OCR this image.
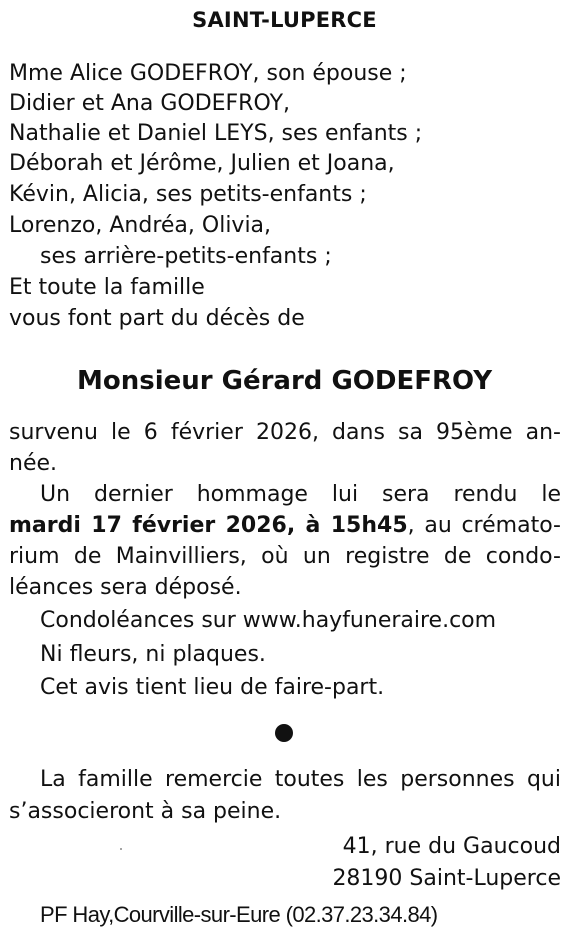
SAINT-LUPERCE
Mme Alice GODEFROY, son épouse ;
Didier et Ana GODEFROY,
Nathalie et Daniel LEYS, ses enfants ;
Déborah et Jérôme, Julien et Joana,
Kévin, Alicia, ses petits-enfants ;
Lorenzo, Andréa, Olivia,
ses arrière-petits-enfants ;
Et toute la famille
vous font part du décès de
Monsieur Gérard GODEFROY
survenu le 6 février 2026, dans sa 95ème an-
née.
Un dernier hommage lui sera rendu le
mardi 17 février 2026, à 15h45, au crémato-
rium de Mainvilliers, où un registre de condo-
léances sera déposé.
Condoléances sur www.hayfuneraire.com
Ni fleurs, ni plaques.
Cet avis tient lieu de faire-part.
La famille remercie toutes les personnes qui
s’associeront à sa peine.
41, rue du Gaucoud
28190 Saint-Luperce
PF Hay,Courville-sur-Eure (02.37.23.34.84)
